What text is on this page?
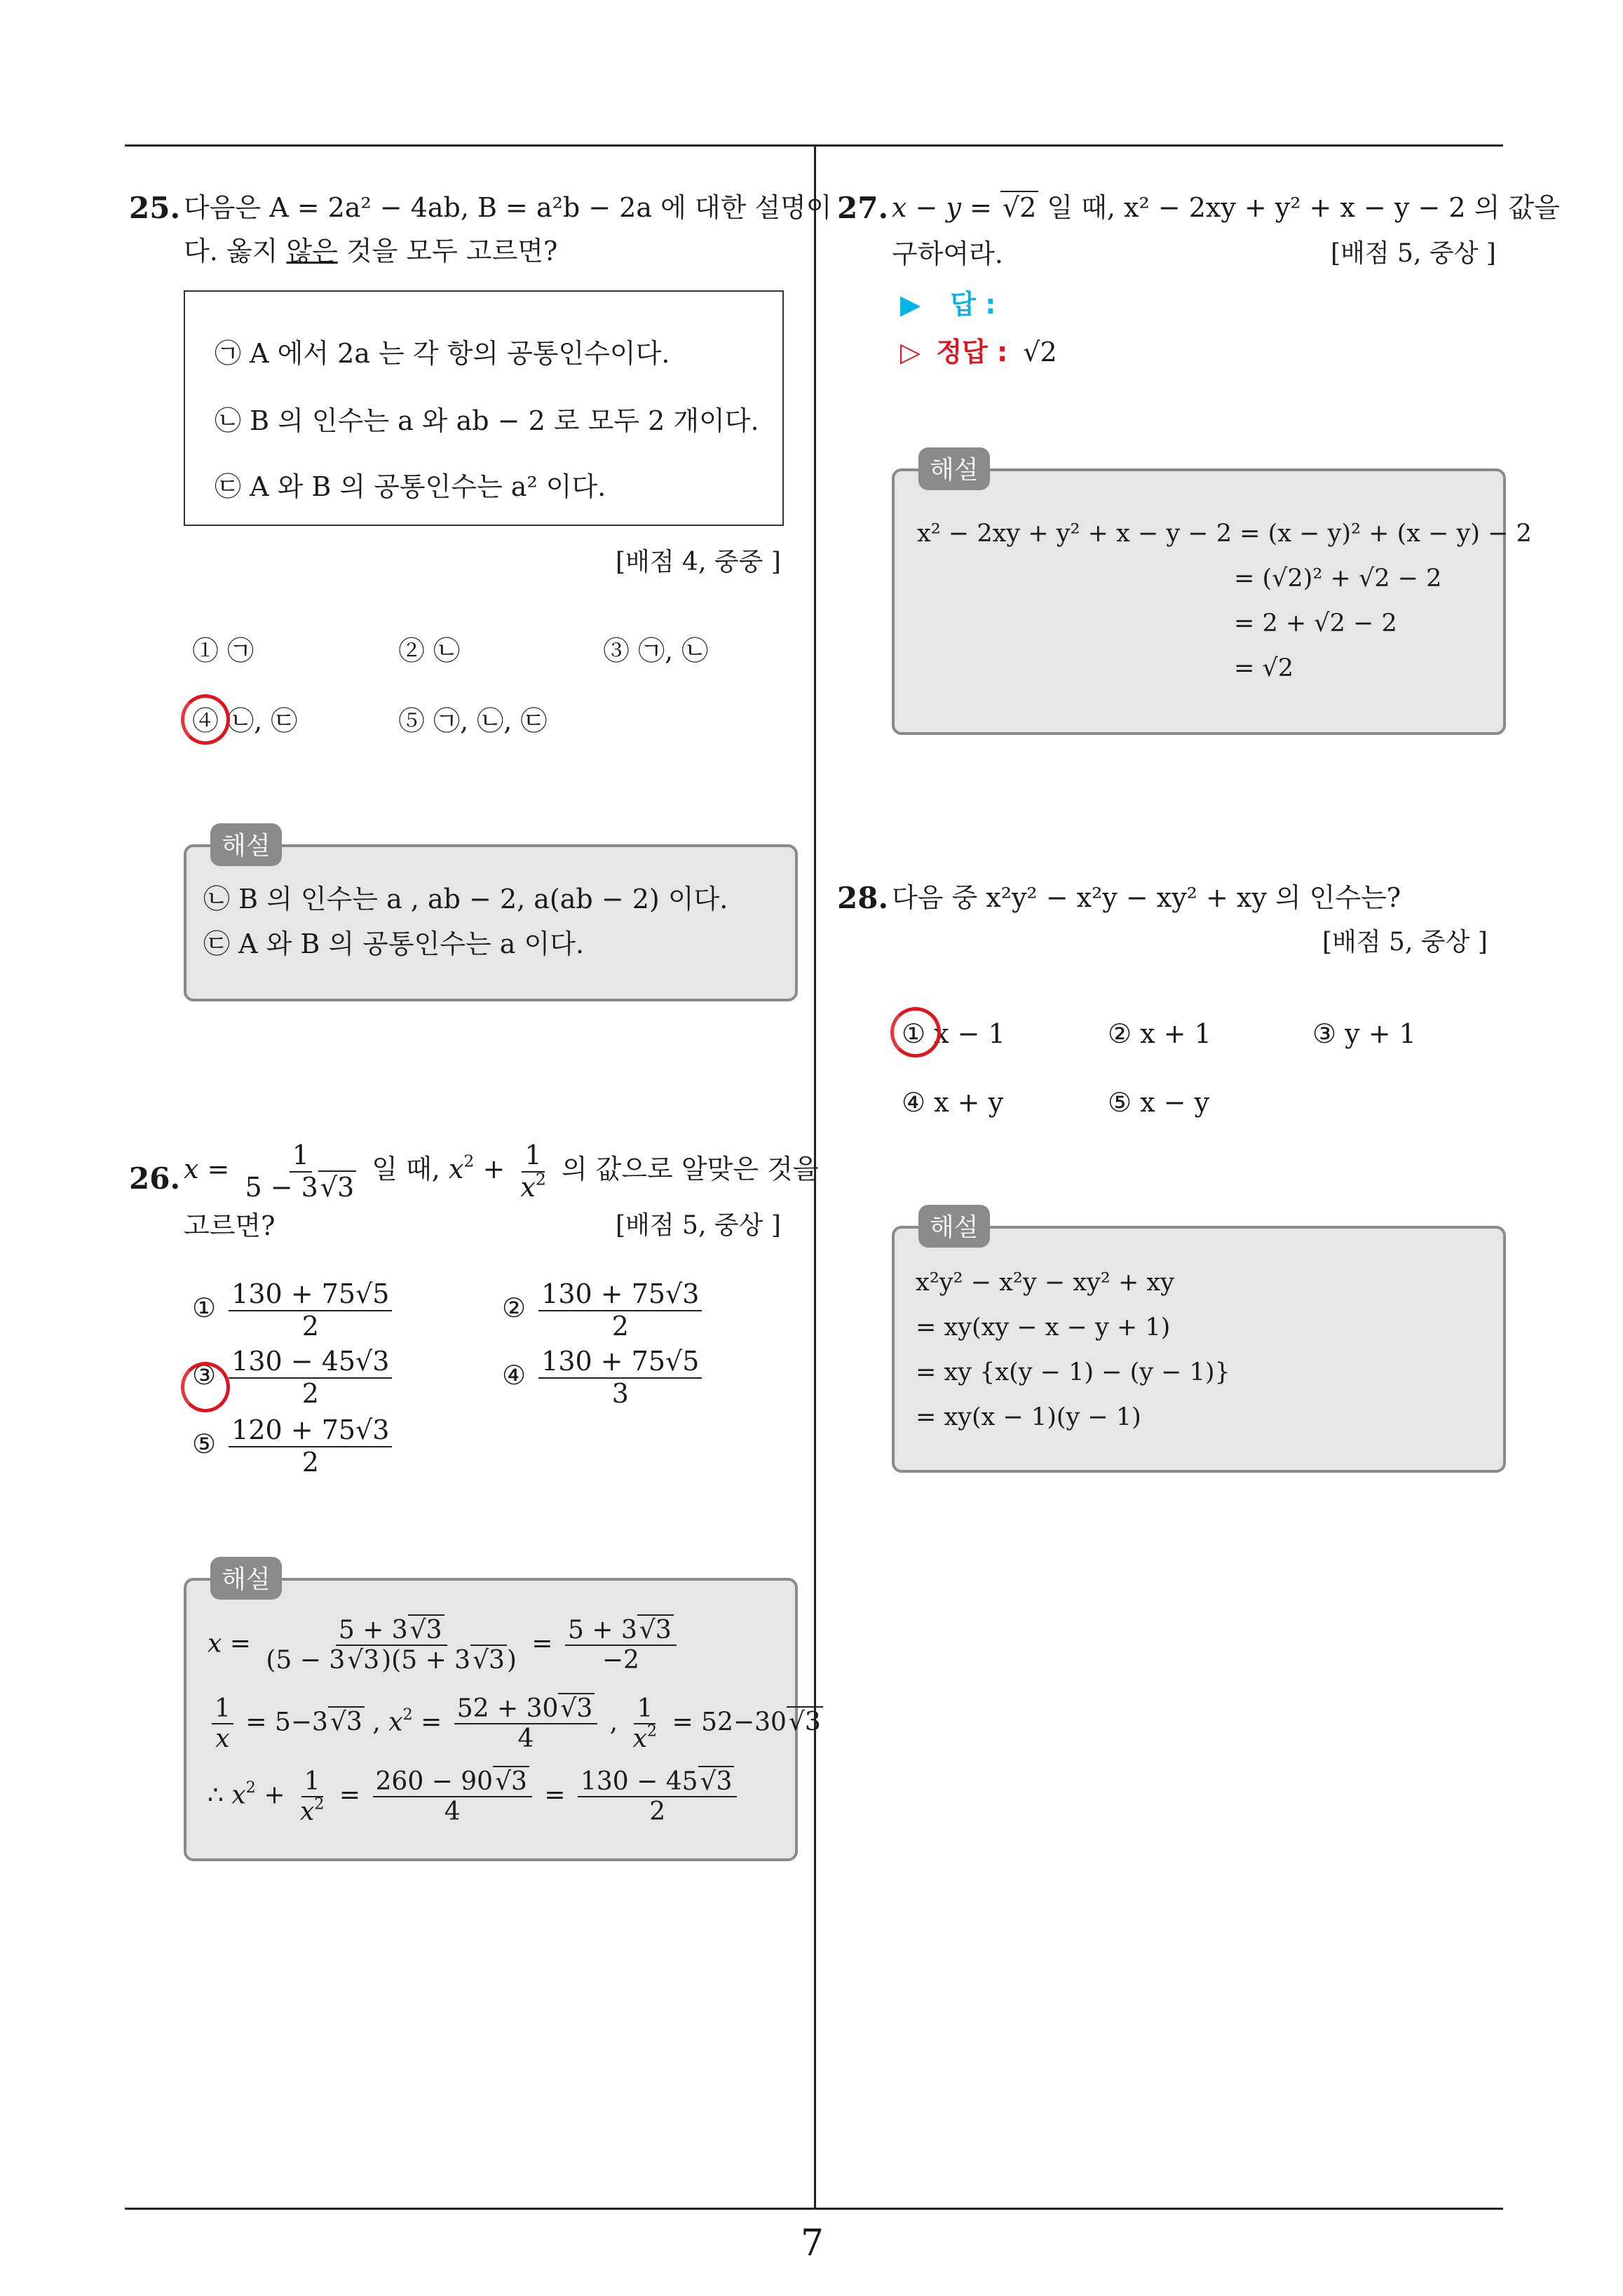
7
25. 다음은 A = 2a² − 4ab, B = a²b − 2a 에 대한 설명이
다. 옳지 않은 것을 모두 고르면?
㉠ A 에서 2a 는 각 항의 공통인수이다.
㉡ B 의 인수는 a 와 ab − 2 로 모두 2 개이다.
㉢ A 와 B 의 공통인수는 a² 이다.
[배점 4, 중중 ]
① ㉠	② ㉡	③ ㉠, ㉡
④ ㉡, ㉢	⑤ ㉠, ㉡, ㉢
해설
㉡ B 의 인수는 a , ab − 2, a(ab − 2) 이다.
㉢ A 와 B 의 공통인수는 a 이다.
26. $x = \frac{1}{5 - 3√3}$ 일 때, $x^2 + \frac{1}{x^2}$ 의 값으로 알맞은 것을
고르면?	[배점 5, 중상 ]
① $\frac{130 + 75√5}{2}$	② $\frac{130 + 75√3}{2}$
③ $\frac{130 - 45√3}{2}$	④ $\frac{130 + 75√5}{3}$
⑤ $\frac{120 + 75√3}{2}$
해설
$x = \frac{5 + 3√3}{(5 - 3√3)(5 + 3√3)} = \frac{5 + 3√3}{-2}$
$\frac{1}{x} = 5-3√3$ , $x^2 = \frac{52 + 30√3}{4}$ , $\frac{1}{x^2} = 52-30√3$
∴ $x^2 + \frac{1}{x^2} = \frac{260 - 90√3}{4} = \frac{130 - 45√3}{2}$
27. x − y = √2 일 때, x² − 2xy + y² + x − y − 2 의 값을
구하여라.	[배점 5, 중상 ]
▶ 답 :
▷ 정답 : √2
해설
x² − 2xy + y² + x − y − 2 = (x − y)² + (x − y) − 2
= (√2)² + √2 − 2
= 2 + √2 − 2
= √2
28. 다음 중 x²y² − x²y − xy² + xy 의 인수는?
[배점 5, 중상 ]
① x − 1	② x + 1	③ y + 1
④ x + y	⑤ x − y
해설
x²y² − x²y − xy² + xy
= xy(xy − x − y + 1)
= xy {x(y − 1) − (y − 1)}
= xy(x − 1)(y − 1)
